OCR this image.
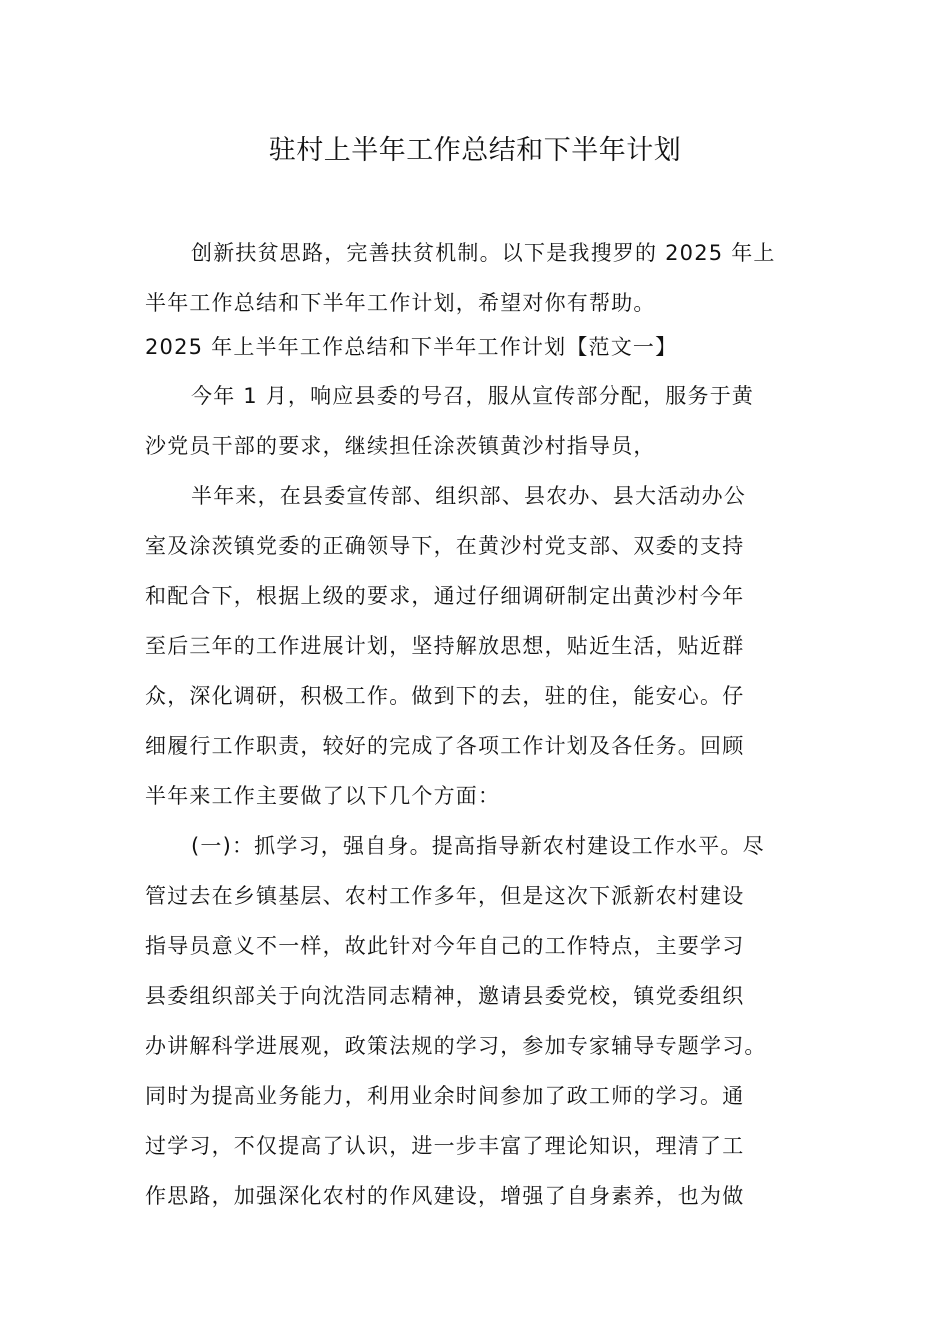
驻村上半年工作总结和下半年计划
创新扶贫思路，完善扶贫机制。以下是我搜罗的 2025 年上
半年工作总结和下半年工作计划，希望对你有帮助。
2025 年上半年工作总结和下半年工作计划【范文一】
今年 1 月，响应县委的号召，服从宣传部分配，服务于黄
沙党员干部的要求，继续担任涂茨镇黄沙村指导员，
半年来，在县委宣传部、组织部、县农办、县大活动办公
室及涂茨镇党委的正确领导下，在黄沙村党支部、双委的支持
和配合下，根据上级的要求，通过仔细调研制定出黄沙村今年
至后三年的工作进展计划，坚持解放思想，贴近生活，贴近群
众，深化调研，积极工作。做到下的去，驻的住，能安心。仔
细履行工作职责，较好的完成了各项工作计划及各任务。回顾
半年来工作主要做了以下几个方面：
(一)：抓学习，强自身。提高指导新农村建设工作水平。尽
管过去在乡镇基层、农村工作多年，但是这次下派新农村建设
指导员意义不一样，故此针对今年自己的工作特点，主要学习
县委组织部关于向沈浩同志精神，邀请县委党校，镇党委组织
办讲解科学进展观，政策法规的学习，参加专家辅导专题学习。
同时为提高业务能力，利用业余时间参加了政工师的学习。通
过学习，不仅提高了认识，进一步丰富了理论知识，理清了工
作思路，加强深化农村的作风建设，增强了自身素养，也为做
